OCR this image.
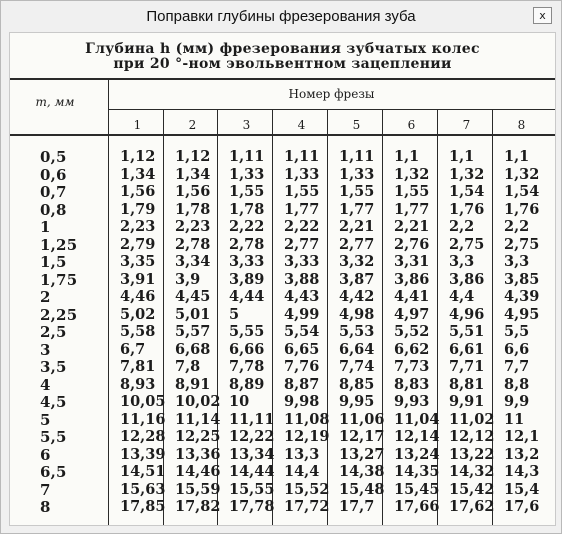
Поправки глубины фрезерования зуба	x
Глубина h (мм) фрезерования зубчатых колес
при 20 °-ном эвольвентном зацеплении
m, мм
Номер фрезы
1	2	3	4	5	6	7	8
0,5	1,12 1,12 1,11 1,11 1,11 1,1 1,1 1,1
0,6	1,34 1,34 1,33 1,33 1,33 1,32 1,32 1,32
0,7	1,56 1,56 1,55 1,55 1,55 1,55 1,54 1,54
0,8	1,79 1,78 1,78 1,77 1,77 1,77 1,76 1,76
1	2,23 2,23 2,22 2,22 2,21 2,21 2,2 2,2
1,25	2,79 2,78 2,78 2,77 2,77 2,76 2,75 2,75
1,5	3,35 3,34 3,33 3,33 3,32 3,31 3,3 3,3
1,75	3,91 3,9 3,89 3,88 3,87 3,86 3,86 3,85
2	4,46 4,45 4,44 4,43 4,42 4,41 4,4 4,39
2,25	5,02 5,01 5	4,99 4,98 4,97 4,96 4,95
2,5	5,58 5,57 5,55 5,54 5,53 5,52 5,51 5,5
3	6,7 6,68 6,66 6,65 6,64 6,62 6,61 6,6
3,5	7,81 7,8 7,78 7,76 7,74 7,73 7,71 7,7
4	8,93 8,91 8,89 8,87 8,85 8,83 8,81 8,8
4,5	10,05 10,02 10 9,98 9,95 9,93 9,91 9,9
5	11,16 11,14 11,11 11,08 11,06 11,04 11,02 11
5,5	12,28 12,25 12,22 12,19 12,17 12,14 12,12 12,1
6	13,39 13,36 13,34 13,3 13,27 13,24 13,22 13,2
6,5	14,51 14,46 14,44 14,4 14,38 14,35 14,32 14,3
7	15,63 15,59 15,55 15,52 15,48 15,45 15,42 15,4
8	17,85 17,82 17,78 17,72 17,7 17,66 17,62 17,6
